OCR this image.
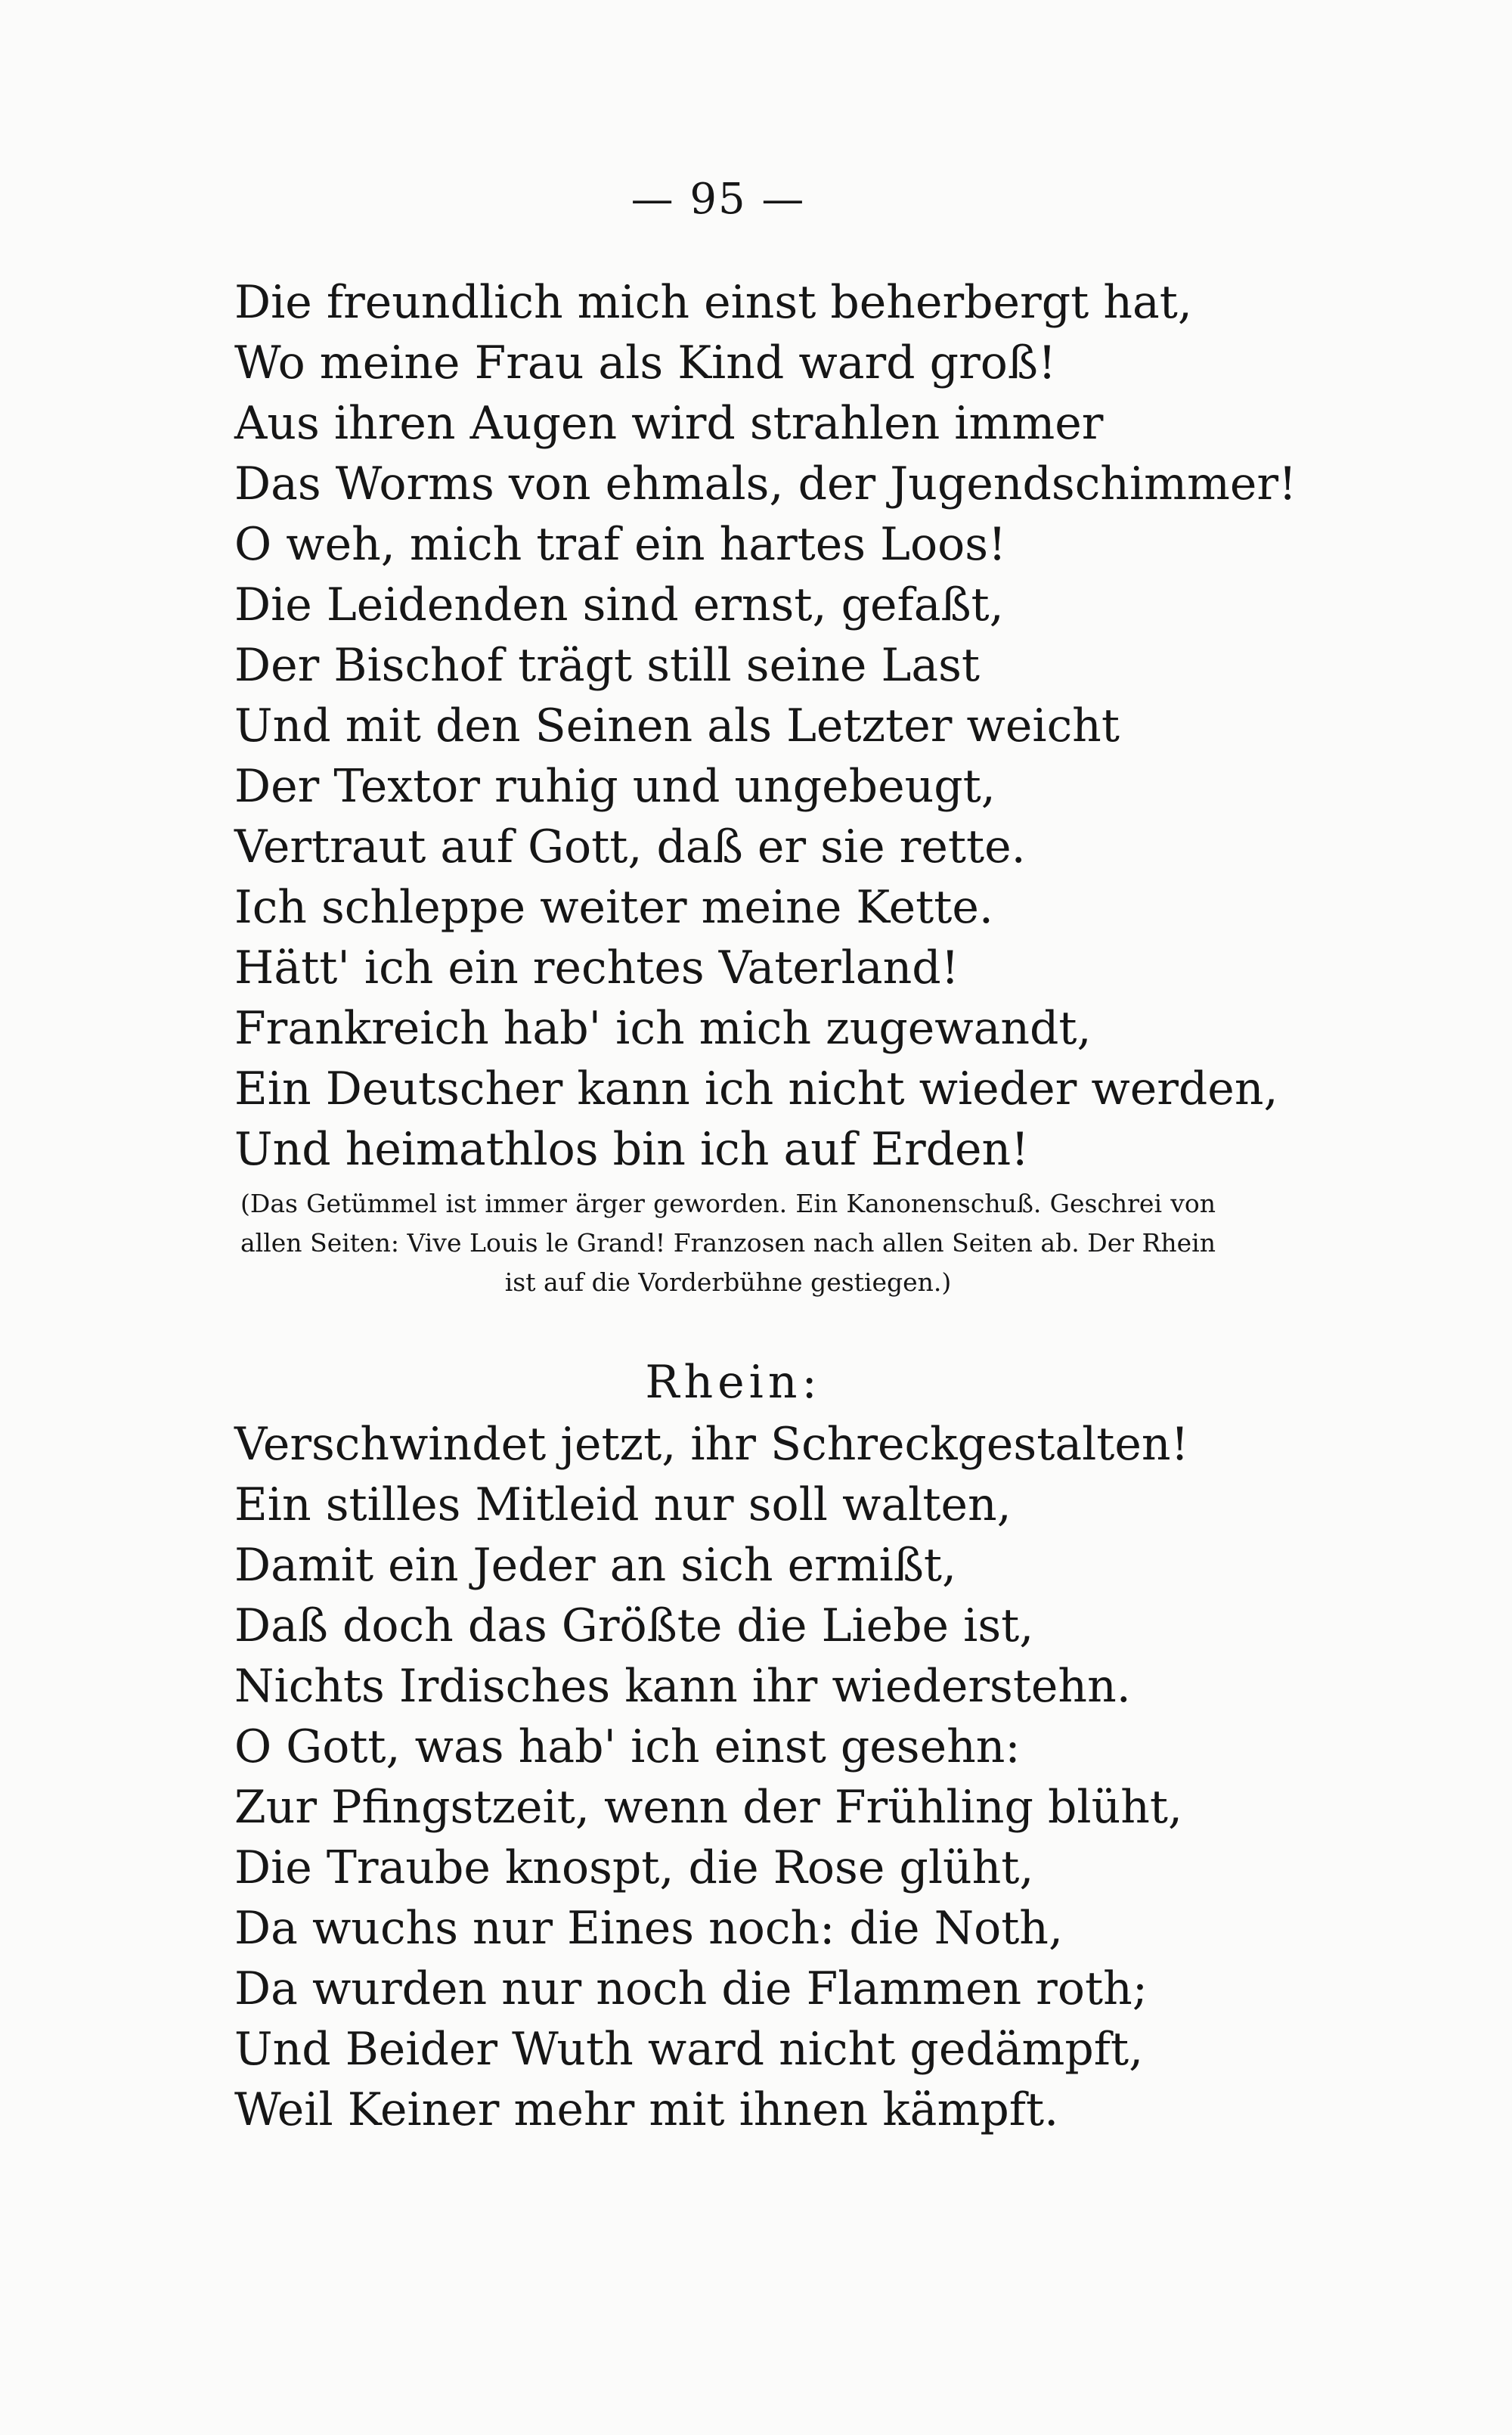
— 95 —
Die freundlich mich einst beherbergt hat,
Wo meine Frau als Kind ward groß!
Aus ihren Augen wird strahlen immer
Das Worms von ehmals, der Jugendschimmer!
O weh, mich traf ein hartes Loos!
Die Leidenden sind ernst, gefaßt,
Der Bischof trägt still seine Last
Und mit den Seinen als Letzter weicht
Der Textor ruhig und ungebeugt,
Vertraut auf Gott, daß er sie rette.
Ich schleppe weiter meine Kette.
Hätt' ich ein rechtes Vaterland!
Frankreich hab' ich mich zugewandt,
Ein Deutscher kann ich nicht wieder werden,
Und heimathlos bin ich auf Erden!

(Das Getümmel ist immer ärger geworden. Ein Kanonenschuß. Geschrei von allen Seiten: Vive Louis le Grand! Franzosen nach allen Seiten ab. Der Rhein ist auf die Vorderbühne gestiegen.)

Rhein:
Verschwindet jetzt, ihr Schreckgestalten!
Ein stilles Mitleid nur soll walten,
Damit ein Jeder an sich ermißt,
Daß doch das Größte die Liebe ist,
Nichts Irdisches kann ihr wiederstehn.
O Gott, was hab' ich einst gesehn:
Zur Pfingstzeit, wenn der Frühling blüht,
Die Traube knospt, die Rose glüht,
Da wuchs nur Eines noch: die Noth,
Da wurden nur noch die Flammen roth;
Und Beider Wuth ward nicht gedämpft,
Weil Keiner mehr mit ihnen kämpft.
